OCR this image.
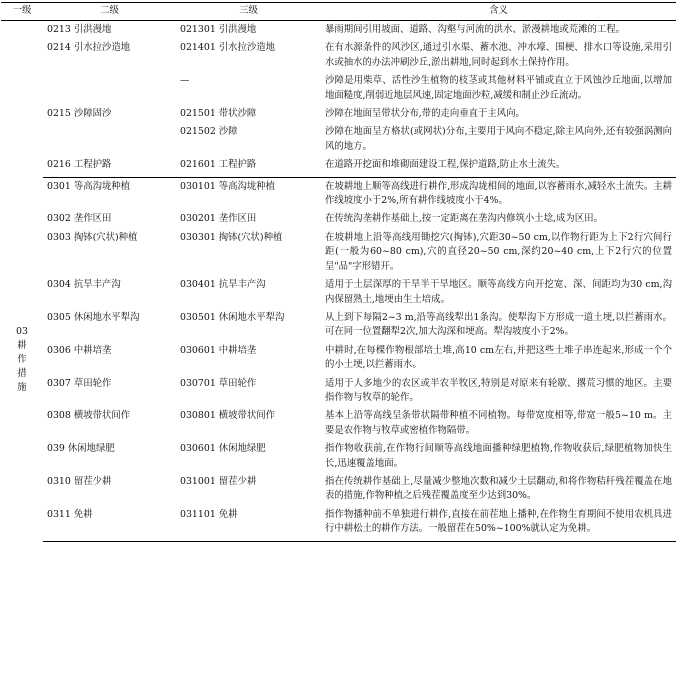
一级	二级	三级	含义
	0213 引洪漫地	021301 引洪漫地	暴雨期间引用坡面、道路、沟壑与河流的洪水、淤漫耕地或荒滩的工程。
	0214 引水拉沙造地	021401 引水拉沙造地	在有水源条件的风沙区,通过引水渠、蓄水池、冲水壕、围梗、排水口等设施,采用引水或抽水的办法冲刷沙丘,淤出耕地,同时起到水土保持作用。
		—	沙障是用柴草、活性沙生植物的枝茎或其他材料平铺或直立于风蚀沙丘地面,以增加地面糙度,削弱近地层风速,固定地面沙粒,减缓和制止沙丘流动。
	0215 沙障固沙	021501 带状沙障	沙障在地面呈带状分布,带的走向垂直于主风向。
		021502 沙障	沙障在地面呈方格状(或网状)分布,主要用于风向不稳定,除主风向外,还有较强涡测向风的地方。
	0216 工程护路	021601 工程护路	在道路开挖面和堆砌面建设工程,保护道路,防止水土流失。
03耕作措施	0301 等高沟垅种植	030101 等高沟垅种植	在坡耕地上顺等高线进行耕作,形成沟垅相间的地面,以容蓄雨水,减轻水土流失。主耕作线坡度小于2%,所有耕作线坡度小于4%。
	0302 垄作区田	030201 垄作区田	在传统沟垄耕作基础上,按一定距离在垄沟内修筑小土埝,成为区田。
	0303 掏钵(穴状)种植	030301 掏钵(穴状)种植	在坡耕地上沿等高线用锄挖穴(掏钵),穴距30~50 cm,以作物行距为上下2行穴间行距(一般为60~80 cm),穴的直径20~50 cm,深约20~40 cm,上下2行穴的位置呈"品"字形错开。
	0304 抗旱丰产沟	030401 抗旱丰产沟	适用于土层深厚的干旱半干旱地区。顺等高线方向开挖宽、深、间距均为30 cm,沟内保留熟土,地埂由生土培成。
	0305 休闲地水平犁沟	030501 休闲地水平犁沟	从上到下每隔2~3 m,沿等高线犁出1条沟。使犁沟下方形成一道土埂,以拦蓄雨水。可在同一位置翻犁2次,加大沟深和埂高。犁沟坡度小于2%。
	0306 中耕培垄	030601 中耕培垄	中耕时,在每棵作物根部培土堆,高10 cm左右,并把这些土堆子串连起来,形成一个个的小土埂,以拦蓄雨水。
	0307 草田轮作	030701 草田轮作	适用于人多地少的农区或半农半牧区,特别是对原来有轮歇、撂荒习惯的地区。主要指作物与牧草的轮作。
	0308 横坡带状间作	030801 横坡带状间作	基本上沿等高线呈条带状隔带种植不同植物。每带宽度相等,带宽一般5~10 m。主要是农作物与牧草或密植作物隔带。
	039 休闲地绿肥	030601 休闲地绿肥	指作物收获前,在作物行间顺等高线地面播种绿肥植物,作物收获后,绿肥植物加快生长,迅速覆盖地面。
	0310 留茬少耕	031001 留茬少耕	指在传统耕作基础上,尽量减少整地次数和减少土层翻动,和将作物秸秆残茬覆盖在地表的措施,作物种植之后残茬覆盖度至少达到30%。
	0311 免耕	031101 免耕	指作物播种前不单独进行耕作,直接在前茬地上播种,在作物生育期间不使用农机具进行中耕松土的耕作方法。一般留茬在50%~100%就认定为免耕。
